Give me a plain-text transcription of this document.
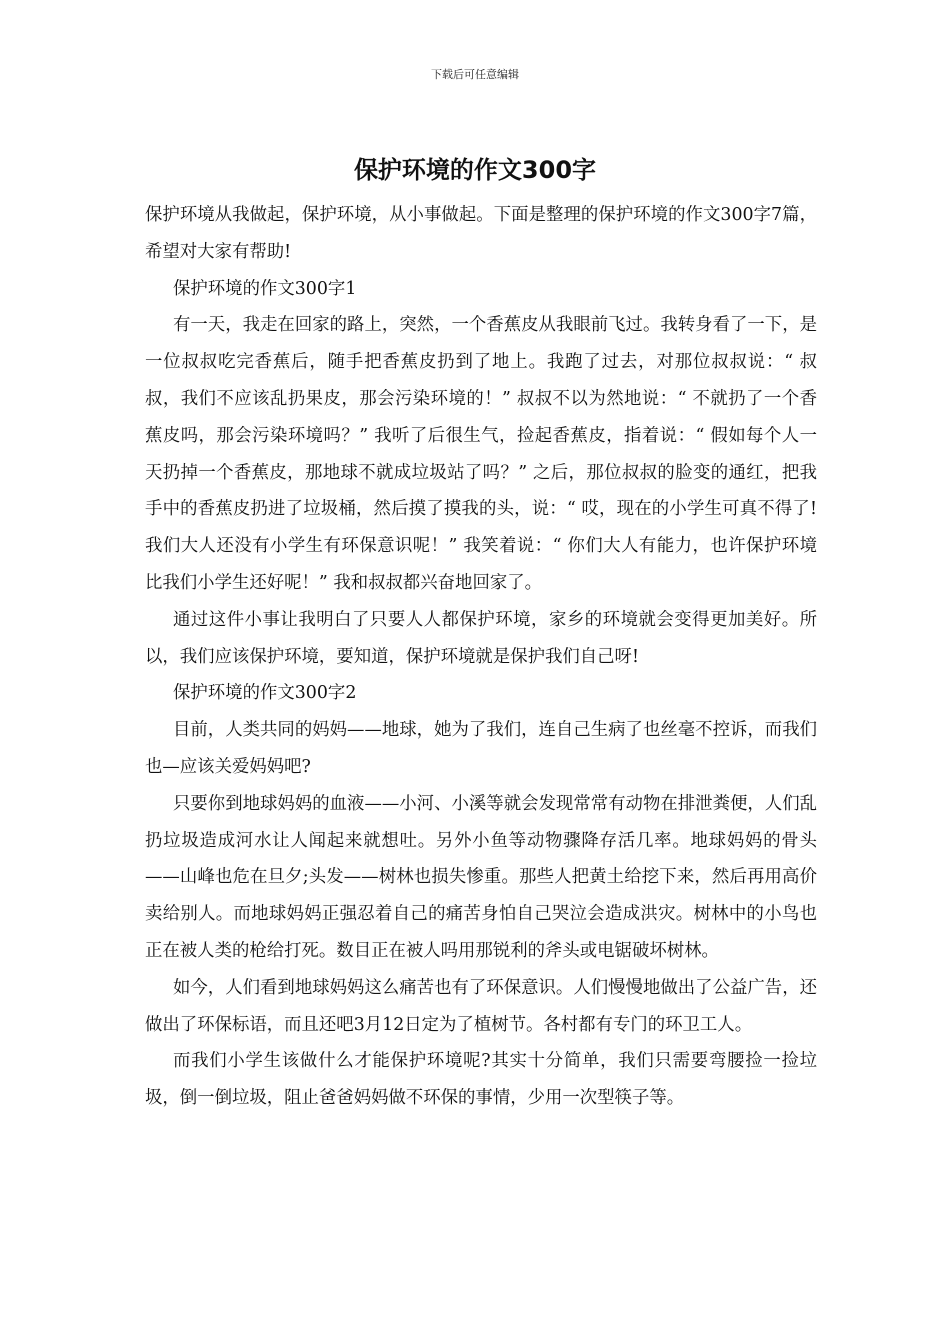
下载后可任意编辑
保护环境的作文300字

保护环境从我做起，保护环境，从小事做起。下面是整理的保护环境的作文300字7篇，希望对大家有帮助!

保护环境的作文300字1

有一天，我走在回家的路上，突然，一个香蕉皮从我眼前飞过。我转身看了一下，是一位叔叔吃完香蕉后，随手把香蕉皮扔到了地上。我跑了过去，对那位叔叔说：“ 叔叔，我们不应该乱扔果皮，那会污染环境的！” 叔叔不以为然地说：“ 不就扔了一个香蕉皮吗，那会污染环境吗？” 我听了后很生气，捡起香蕉皮，指着说：“ 假如每个人一天扔掉一个香蕉皮，那地球不就成垃圾站了吗？” 之后，那位叔叔的脸变的通红，把我手中的香蕉皮扔进了垃圾桶，然后摸了摸我的头，说：“ 哎，现在的小学生可真不得了!我们大人还没有小学生有环保意识呢！” 我笑着说：“ 你们大人有能力，也许保护环境比我们小学生还好呢！” 我和叔叔都兴奋地回家了。

通过这件小事让我明白了只要人人都保护环境，家乡的环境就会变得更加美好。所以，我们应该保护环境，要知道，保护环境就是保护我们自己呀!

保护环境的作文300字2

目前，人类共同的妈妈——地球，她为了我们，连自己生病了也丝毫不控诉，而我们也—应该关爱妈妈吧?

只要你到地球妈妈的血液——小河、小溪等就会发现常常有动物在排泄粪便，人们乱扔垃圾造成河水让人闻起来就想吐。另外小鱼等动物骤降存活几率。地球妈妈的骨头——山峰也危在旦夕;头发——树林也损失惨重。那些人把黄土给挖下来，然后再用高价卖给别人。而地球妈妈正强忍着自己的痛苦身怕自己哭泣会造成洪灾。树林中的小鸟也正在被人类的枪给打死。数目正在被人吗用那锐利的斧头或电锯破坏树林。

如今，人们看到地球妈妈这么痛苦也有了环保意识。人们慢慢地做出了公益广告，还做出了环保标语，而且还吧3月12日定为了植树节。各村都有专门的环卫工人。

而我们小学生该做什么才能保护环境呢?其实十分简单，我们只需要弯腰捡一捡垃圾，倒一倒垃圾，阻止爸爸妈妈做不环保的事情，少用一次型筷子等。
